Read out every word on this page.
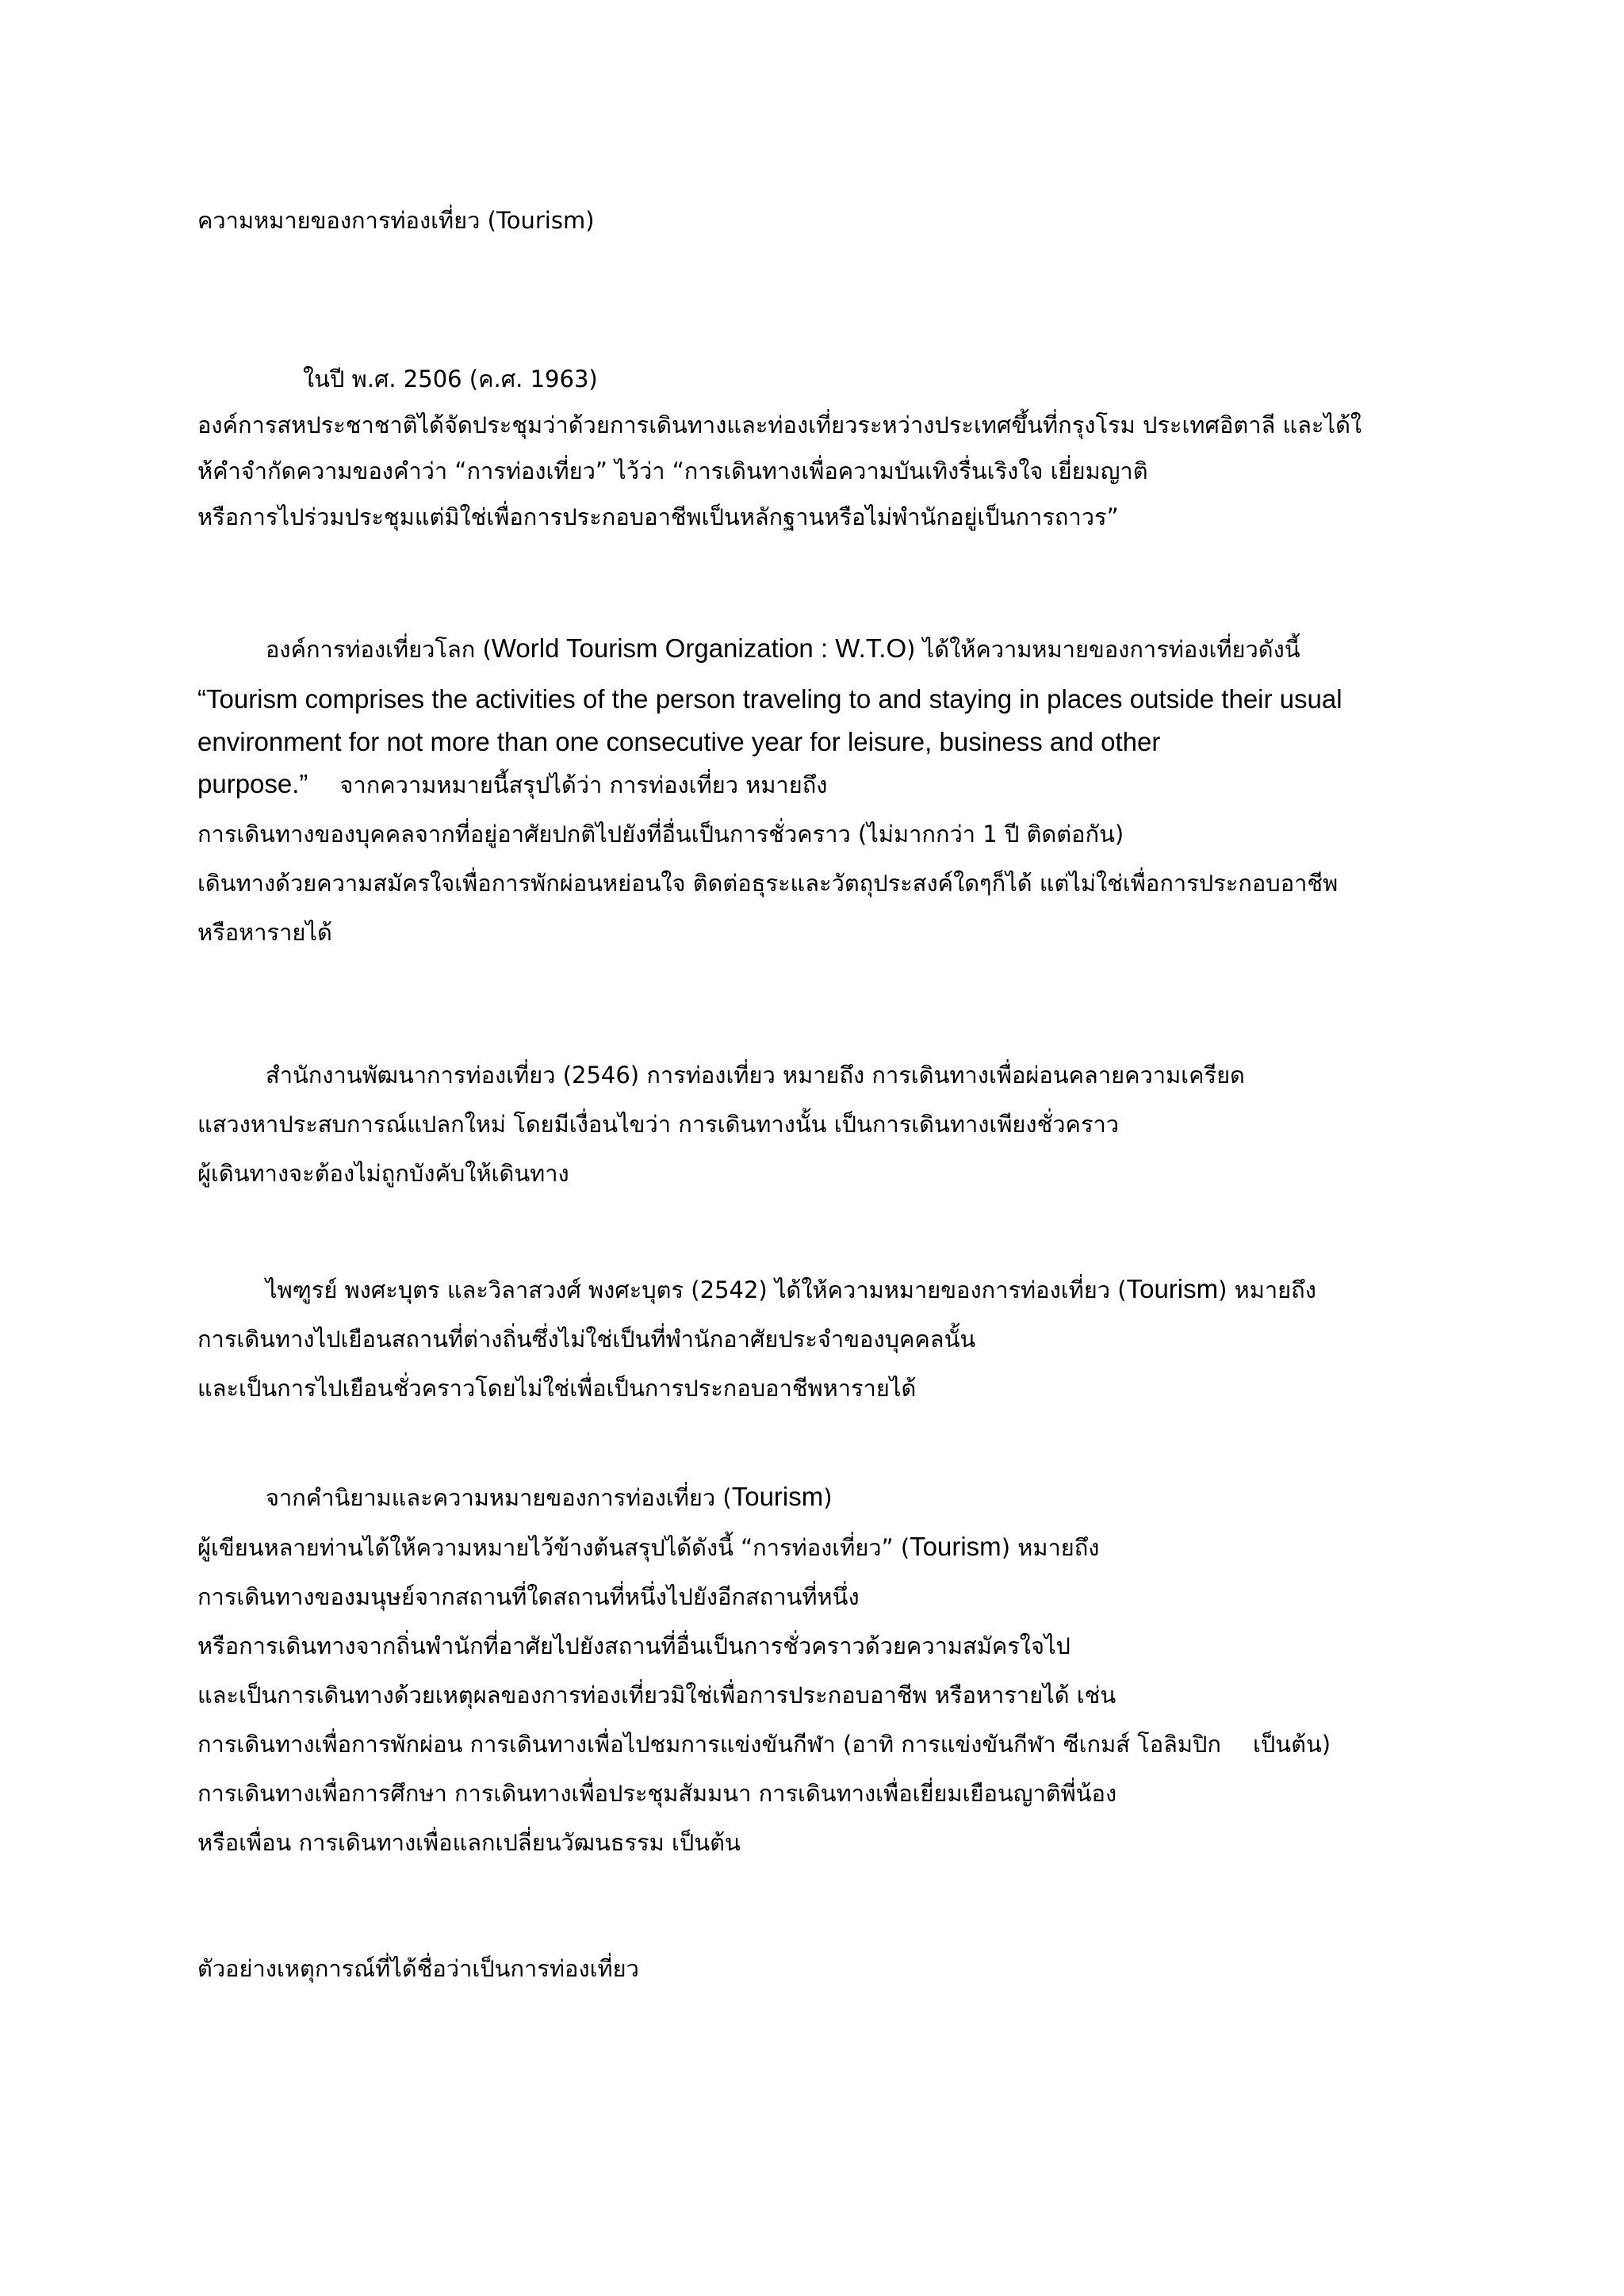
ความหมายของการท่องเที่ยว (Tourism)
ในปี พ.ศ. 2506 (ค.ศ. 1963)
องค์การสหประชาชาติได้จัดประชุมว่าด้วยการเดินทางและท่องเที่ยวระหว่างประเทศขึ้นที่กรุงโรม ประเทศอิตาลี และได้ใ
ห้คำจำกัดความของคำว่า “การท่องเที่ยว” ไว้ว่า “การเดินทางเพื่อความบันเทิงรื่นเริงใจ เยี่ยมญาติ
หรือการไปร่วมประชุมแต่มิใช่เพื่อการประกอบอาชีพเป็นหลักฐานหรือไม่พำนักอยู่เป็นการถาวร”
องค์การท่องเที่ยวโลก (World Tourism Organization : W.T.O) ได้ให้ความหมายของการท่องเที่ยวดังนี้
“Tourism comprises the activities of the person traveling to and staying in places outside their usual
environment for not more than one consecutive year for leisure, business and other
purpose.” จากความหมายนี้สรุปได้ว่า การท่องเที่ยว หมายถึง
การเดินทางของบุคคลจากที่อยู่อาศัยปกติไปยังที่อื่นเป็นการชั่วคราว (ไม่มากกว่า 1 ปี ติดต่อกัน)
เดินทางด้วยความสมัครใจเพื่อการพักผ่อนหย่อนใจ ติดต่อธุระและวัตถุประสงค์ใดๆก็ได้ แต่ไม่ใช่เพื่อการประกอบอาชีพ
หรือหารายได้
สำนักงานพัฒนาการท่องเที่ยว (2546) การท่องเที่ยว หมายถึง การเดินทางเพื่อผ่อนคลายความเครียด
แสวงหาประสบการณ์แปลกใหม่ โดยมีเงื่อนไขว่า การเดินทางนั้น เป็นการเดินทางเพียงชั่วคราว
ผู้เดินทางจะต้องไม่ถูกบังคับให้เดินทาง
ไพฑูรย์ พงศะบุตร และวิลาสวงศ์ พงศะบุตร (2542) ได้ให้ความหมายของการท่องเที่ยว (Tourism) หมายถึง
การเดินทางไปเยือนสถานที่ต่างถิ่นซึ่งไม่ใช่เป็นที่พำนักอาศัยประจำของบุคคลนั้น
และเป็นการไปเยือนชั่วคราวโดยไม่ใช่เพื่อเป็นการประกอบอาชีพหารายได้
จากคำนิยามและความหมายของการท่องเที่ยว (Tourism)
ผู้เขียนหลายท่านได้ให้ความหมายไว้ข้างต้นสรุปได้ดังนี้ “การท่องเที่ยว” (Tourism) หมายถึง
การเดินทางของมนุษย์จากสถานที่ใดสถานที่หนึ่งไปยังอีกสถานที่หนึ่ง
หรือการเดินทางจากถิ่นพำนักที่อาศัยไปยังสถานที่อื่นเป็นการชั่วคราวด้วยความสมัครใจไป
และเป็นการเดินทางด้วยเหตุผลของการท่องเที่ยวมิใช่เพื่อการประกอบอาชีพ หรือหารายได้ เช่น
การเดินทางเพื่อการพักผ่อน การเดินทางเพื่อไปชมการแข่งขันกีฬา (อาทิ การแข่งขันกีฬา ซีเกมส์ โอลิมปิก เป็นต้น)
การเดินทางเพื่อการศึกษา การเดินทางเพื่อประชุมสัมมนา การเดินทางเพื่อเยี่ยมเยือนญาติพี่น้อง
หรือเพื่อน การเดินทางเพื่อแลกเปลี่ยนวัฒนธรรม เป็นต้น
ตัวอย่างเหตุการณ์ที่ได้ชื่อว่าเป็นการท่องเที่ยว
